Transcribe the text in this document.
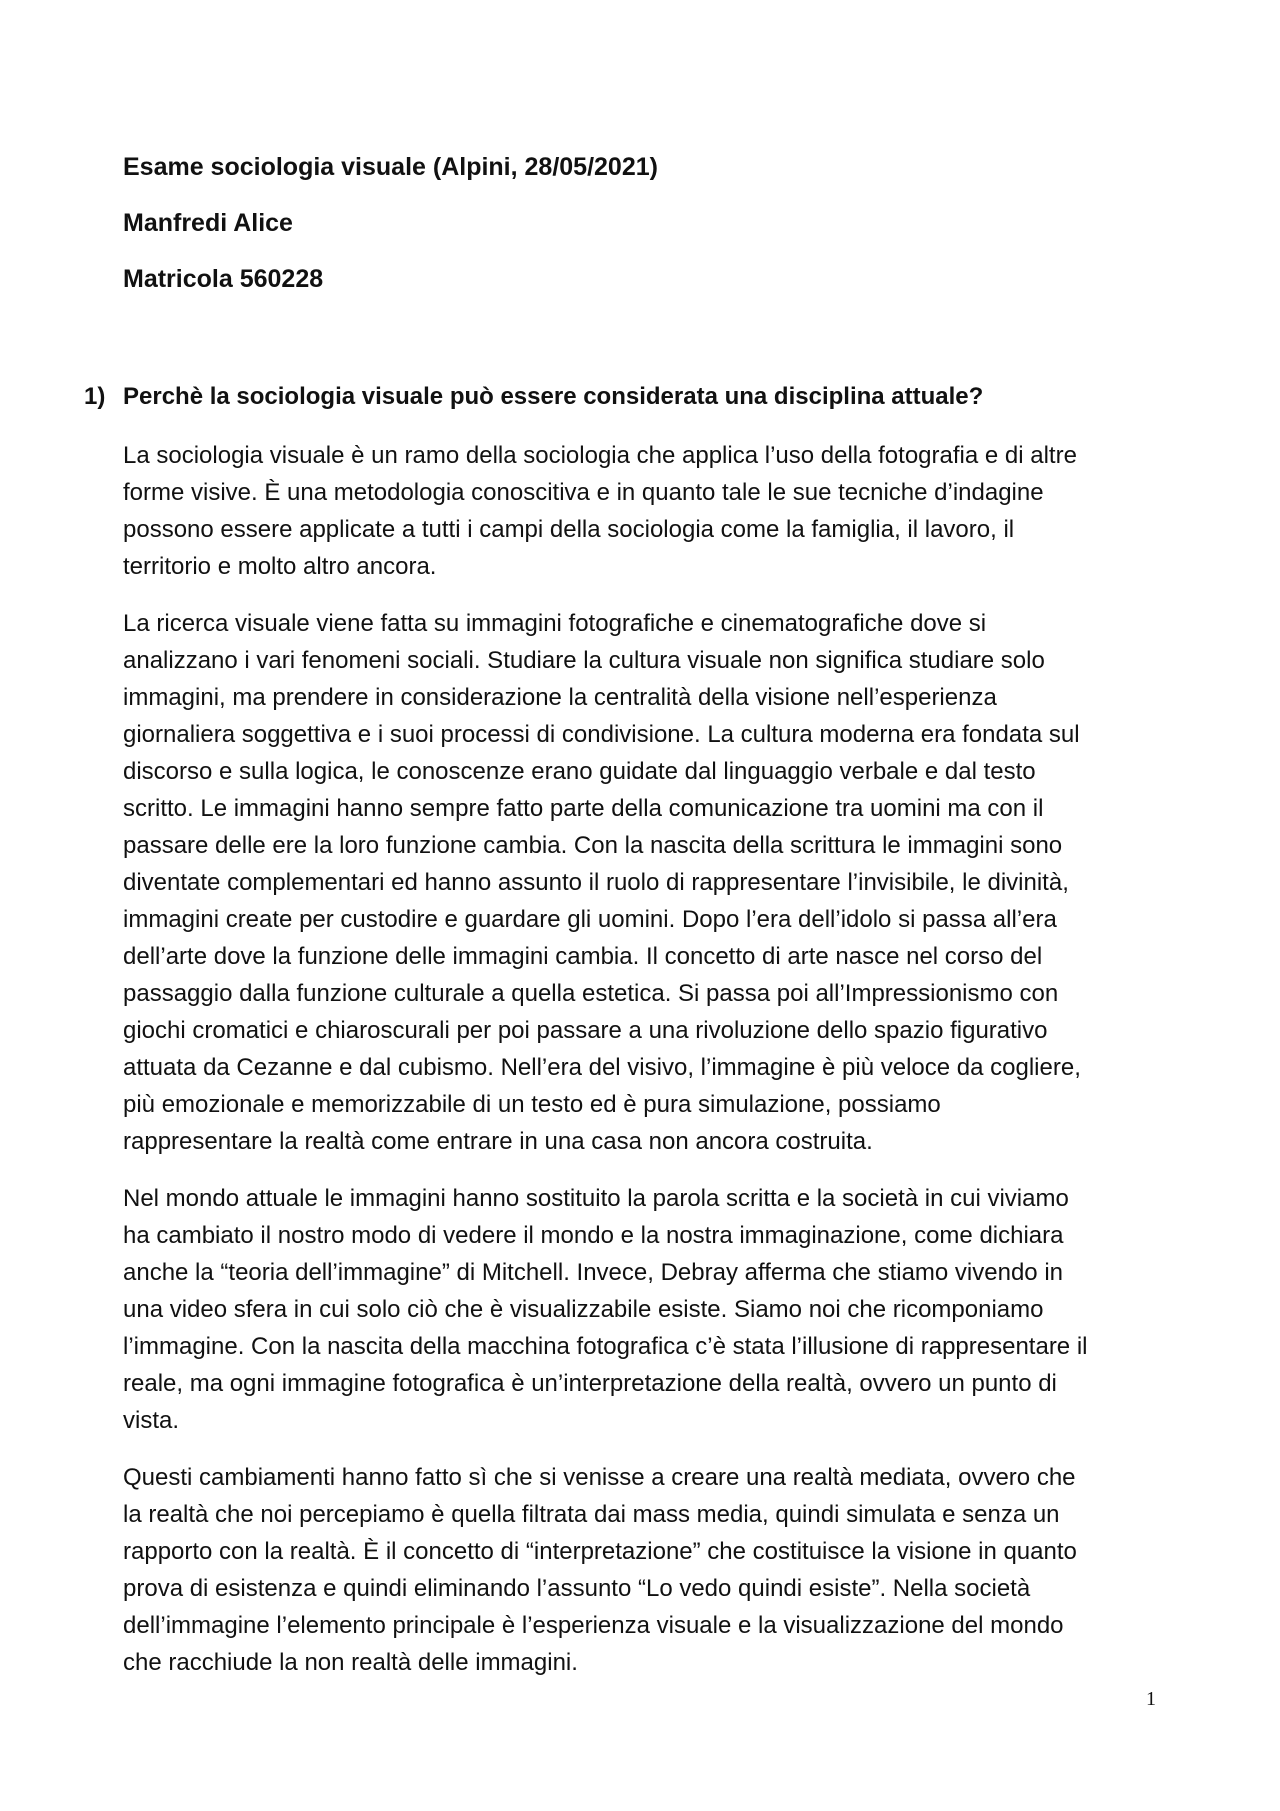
Esame sociologia visuale (Alpini, 28/05/2021)
Manfredi Alice
Matricola 560228
1) Perchè la sociologia visuale può essere considerata una disciplina attuale?
La sociologia visuale è un ramo della sociologia che applica l’uso della fotografia e di altre
forme visive. È una metodologia conoscitiva e in quanto tale le sue tecniche d’indagine
possono essere applicate a tutti i campi della sociologia come la famiglia, il lavoro, il
territorio e molto altro ancora.
La ricerca visuale viene fatta su immagini fotografiche e cinematografiche dove si
analizzano i vari fenomeni sociali. Studiare la cultura visuale non significa studiare solo
immagini, ma prendere in considerazione la centralità della visione nell’esperienza
giornaliera soggettiva e i suoi processi di condivisione. La cultura moderna era fondata sul
discorso e sulla logica, le conoscenze erano guidate dal linguaggio verbale e dal testo
scritto. Le immagini hanno sempre fatto parte della comunicazione tra uomini ma con il
passare delle ere la loro funzione cambia. Con la nascita della scrittura le immagini sono
diventate complementari ed hanno assunto il ruolo di rappresentare l’invisibile, le divinità,
immagini create per custodire e guardare gli uomini. Dopo l’era dell’idolo si passa all’era
dell’arte dove la funzione delle immagini cambia. Il concetto di arte nasce nel corso del
passaggio dalla funzione culturale a quella estetica. Si passa poi all’Impressionismo con
giochi cromatici e chiaroscurali per poi passare a una rivoluzione dello spazio figurativo
attuata da Cezanne e dal cubismo. Nell’era del visivo, l’immagine è più veloce da cogliere,
più emozionale e memorizzabile di un testo ed è pura simulazione, possiamo
rappresentare la realtà come entrare in una casa non ancora costruita.
Nel mondo attuale le immagini hanno sostituito la parola scritta e la società in cui viviamo
ha cambiato il nostro modo di vedere il mondo e la nostra immaginazione, come dichiara
anche la “teoria dell’immagine” di Mitchell. Invece, Debray afferma che stiamo vivendo in
una video sfera in cui solo ciò che è visualizzabile esiste. Siamo noi che ricomponiamo
l’immagine. Con la nascita della macchina fotografica c’è stata l’illusione di rappresentare il
reale, ma ogni immagine fotografica è un’interpretazione della realtà, ovvero un punto di
vista.
Questi cambiamenti hanno fatto sì che si venisse a creare una realtà mediata, ovvero che
la realtà che noi percepiamo è quella filtrata dai mass media, quindi simulata e senza un
rapporto con la realtà. È il concetto di “interpretazione” che costituisce la visione in quanto
prova di esistenza e quindi eliminando l’assunto “Lo vedo quindi esiste”. Nella società
dell’immagine l’elemento principale è l’esperienza visuale e la visualizzazione del mondo
che racchiude la non realtà delle immagini.
1
